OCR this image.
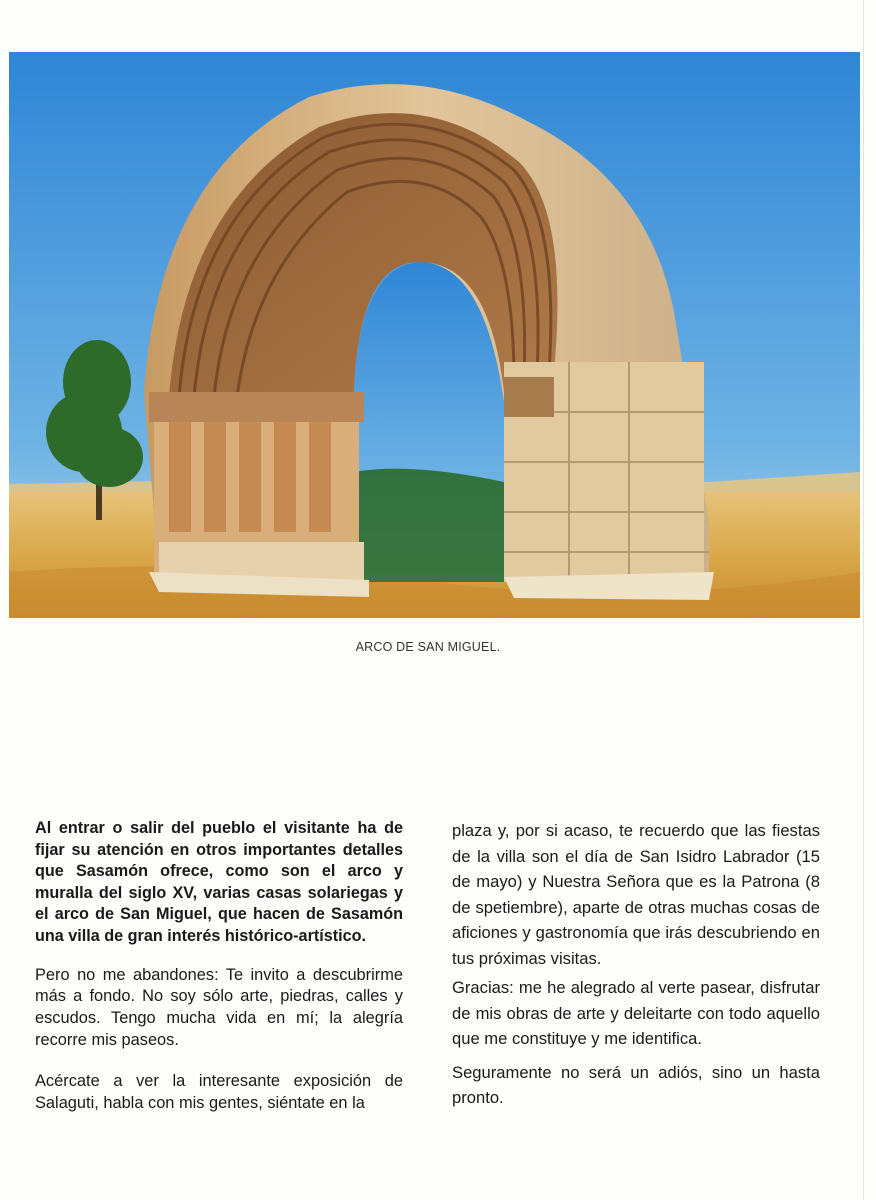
ARCO DE SAN MIGUEL.

Al entrar o salir del pueblo el visitante ha de fijar su atención en otros importantes detalles que Sasamón ofrece, como son el arco y muralla del siglo XV, varias casas solariegas y el arco de San Miguel, que hacen de Sasamón una villa de gran interés histórico-artístico.

Pero no me abandones: Te invito a descubrirme más a fondo. No soy sólo arte, piedras, calles y escudos. Tengo mucha vida en mí; la alegría recorre mis paseos.

Acércate a ver la interesante exposición de Salaguti, habla con mis gentes, siéntate en la

plaza y, por si acaso, te recuerdo que las fiestas de la villa son el día de San Isidro Labrador (15 de mayo) y Nuestra Señora que es la Patrona (8 de spetiembre), aparte de otras muchas cosas de aficiones y gastronomía que irás descubriendo en tus próximas visitas.

Gracias: me he alegrado al verte pasear, disfrutar de mis obras de arte y deleitarte con todo aquello que me constituye y me identifica.

Seguramente no será un adiós, sino un hasta pronto.
